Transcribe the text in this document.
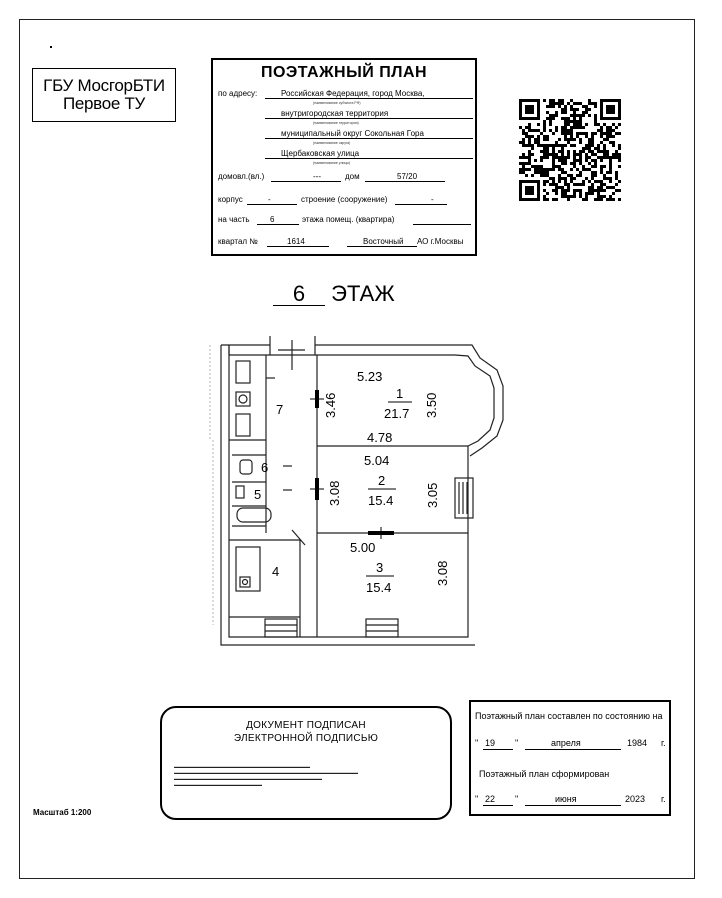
ГБУ МосгорБТИ
Первое ТУ
ПОЭТАЖНЫЙ ПЛАН
по адресу:	Российская Федерация, город Москва,
(наименование субъекта РФ)
внутригородская территория
(наименование территории)
муниципальный округ Сокольная Гора
(наименование округа)
Щербаковская улица
(наименование улицы)
домовл.(вл.)	---	дом	57/20
корпус	-	строение (сооружение)	-
на часть	6	этажа помещ. (квартира)
квартал №	1614	Восточный АО г.Москвы
6 ЭТАЖ
7
6
5
4
1
21.7
2
15.4
3
15.4
5.23
4.78
5.04
5.00
3.46	3.50
3.08	3.05
3.08
ДОКУМЕНТ ПОДПИСАН
ЭЛЕКТРОННОЙ ПОДПИСЬЮ
▬▬▬▬▬▬▬▬▬▬▬▬▬▬▬▬▬▬▬▬▬▬▬▬▬▬▬▬▬▬▬▬▬▬
▬▬▬▬▬▬▬▬▬▬▬▬▬▬▬▬▬▬▬▬▬▬▬▬▬▬▬▬▬▬▬▬▬▬▬▬▬▬▬▬▬▬▬▬▬▬
▬▬▬▬▬▬▬▬▬▬▬▬▬▬▬▬▬▬▬▬▬▬▬▬▬▬▬▬▬▬▬▬▬▬▬▬▬
▬▬▬▬▬▬▬▬▬▬▬▬▬▬▬▬▬▬▬▬▬▬
Поэтажный план составлен по состоянию на
" 19 "	апреля	1984 г.
Поэтажный план сформирован
" 22 "	июня	2023 г.
Масштаб 1:200
